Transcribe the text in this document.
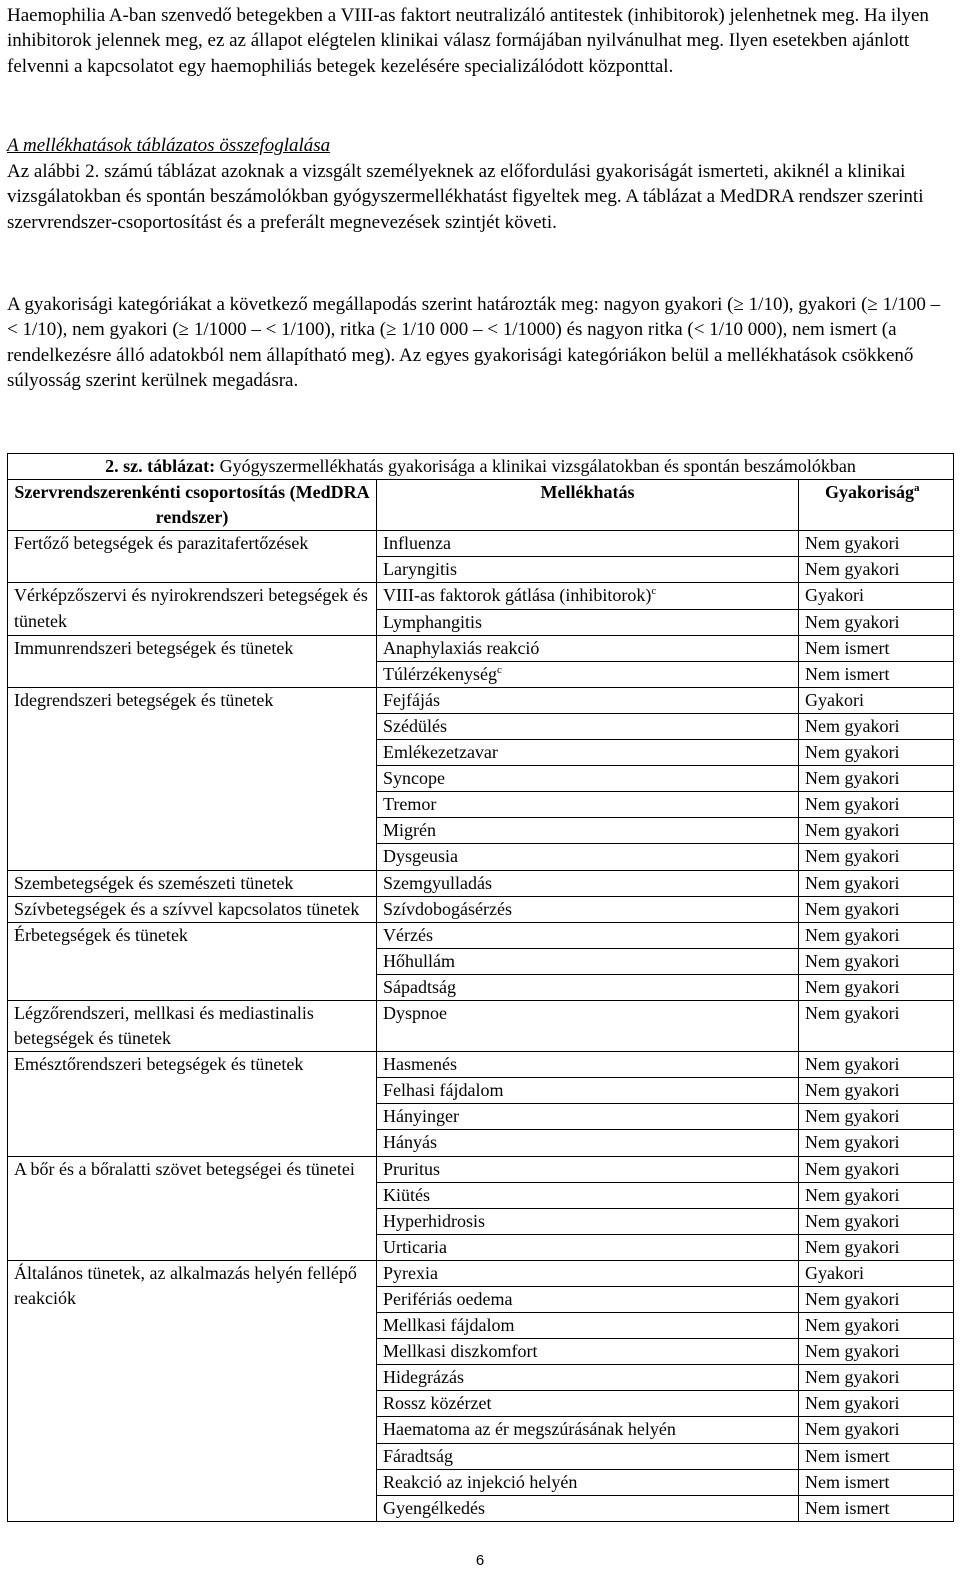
Haemophilia A-ban szenvedő betegekben a VIII-as faktort neutralizáló antitestek (inhibitorok) jelenhetnek meg. Ha ilyen inhibitorok jelennek meg, ez az állapot elégtelen klinikai válasz formájában nyilvánulhat meg. Ilyen esetekben ajánlott felvenni a kapcsolatot egy haemophiliás betegek kezelésére specializálódott központtal.

A mellékhatások táblázatos összefoglalása

Az alábbi 2. számú táblázat azoknak a vizsgált személyeknek az előfordulási gyakoriságát ismerteti, akiknél a klinikai vizsgálatokban és spontán beszámolókban gyógyszermellékhatást figyeltek meg. A táblázat a MedDRA rendszer szerinti szervrendszer-csoportosítást és a preferált megnevezések szintjét követi.

A gyakorisági kategóriákat a következő megállapodás szerint határozták meg: nagyon gyakori (≥ 1/10), gyakori (≥ 1/100 – < 1/10), nem gyakori (≥ 1/1000 – < 1/100), ritka (≥ 1/10 000 – < 1/1000) és nagyon ritka (< 1/10 000), nem ismert (a rendelkezésre álló adatokból nem állapítható meg). Az egyes gyakorisági kategóriákon belül a mellékhatások csökkenő súlyosság szerint kerülnek megadásra.

2. sz. táblázat: Gyógyszermellékhatás gyakorisága a klinikai vizsgálatokban és spontán beszámolókban		
Szervrendszerenkénti csoportosítás (MedDRA rendszer)	Mellékhatás	Gyakoriság$^a$
Fertőző betegségek és parazitafertőzések	Influenza	Nem gyakori
	Laryngitis	Nem gyakori
Vérképzőszervi és nyirokrendszeri betegségek és tünetek	VIII-as faktorok gátlása (inhibitorok)$^c$	Gyakori
	Lymphangitis	Nem gyakori
Immunrendszeri betegségek és tünetek	Anaphylaxiás reakció	Nem ismert
	Túlérzékenység$^c$	Nem ismert
Idegrendszeri betegségek és tünetek	Fejfájás	Gyakori
	Szédülés	Nem gyakori
	Emlékezetzavar	Nem gyakori
	Syncope	Nem gyakori
	Tremor	Nem gyakori
	Migrén	Nem gyakori
	Dysgeusia	Nem gyakori
Szembetegségek és szemészeti tünetek	Szemgyulladás	Nem gyakori
Szívbetegségek és a szívvel kapcsolatos tünetek	Szívdobogásérzés	Nem gyakori
Érbetegségek és tünetek	Vérzés	Nem gyakori
	Hőhullám	Nem gyakori
	Sápadtság	Nem gyakori
Légzőrendszeri, mellkasi és mediastinalis betegségek és tünetek	Dyspnoe	Nem gyakori
Emésztőrendszeri betegségek és tünetek	Hasmenés	Nem gyakori
	Felhasi fájdalom	Nem gyakori
	Hányinger	Nem gyakori
	Hányás	Nem gyakori
A bőr és a bőralatti szövet betegségei és tünetei	Pruritus	Nem gyakori
	Kiütés	Nem gyakori
	Hyperhidrosis	Nem gyakori
	Urticaria	Nem gyakori
Általános tünetek, az alkalmazás helyén fellépő reakciók	Pyrexia	Gyakori
	Perifériás oedema	Nem gyakori
	Mellkasi fájdalom	Nem gyakori
	Mellkasi diszkomfort	Nem gyakori
	Hidegrázás	Nem gyakori
	Rossz közérzet	Nem gyakori
	Haematoma az ér megszúrásának helyén	Nem gyakori
	Fáradtság	Nem ismert
	Reakció az injekció helyén	Nem ismert
	Gyengélkedés	Nem ismert
6
